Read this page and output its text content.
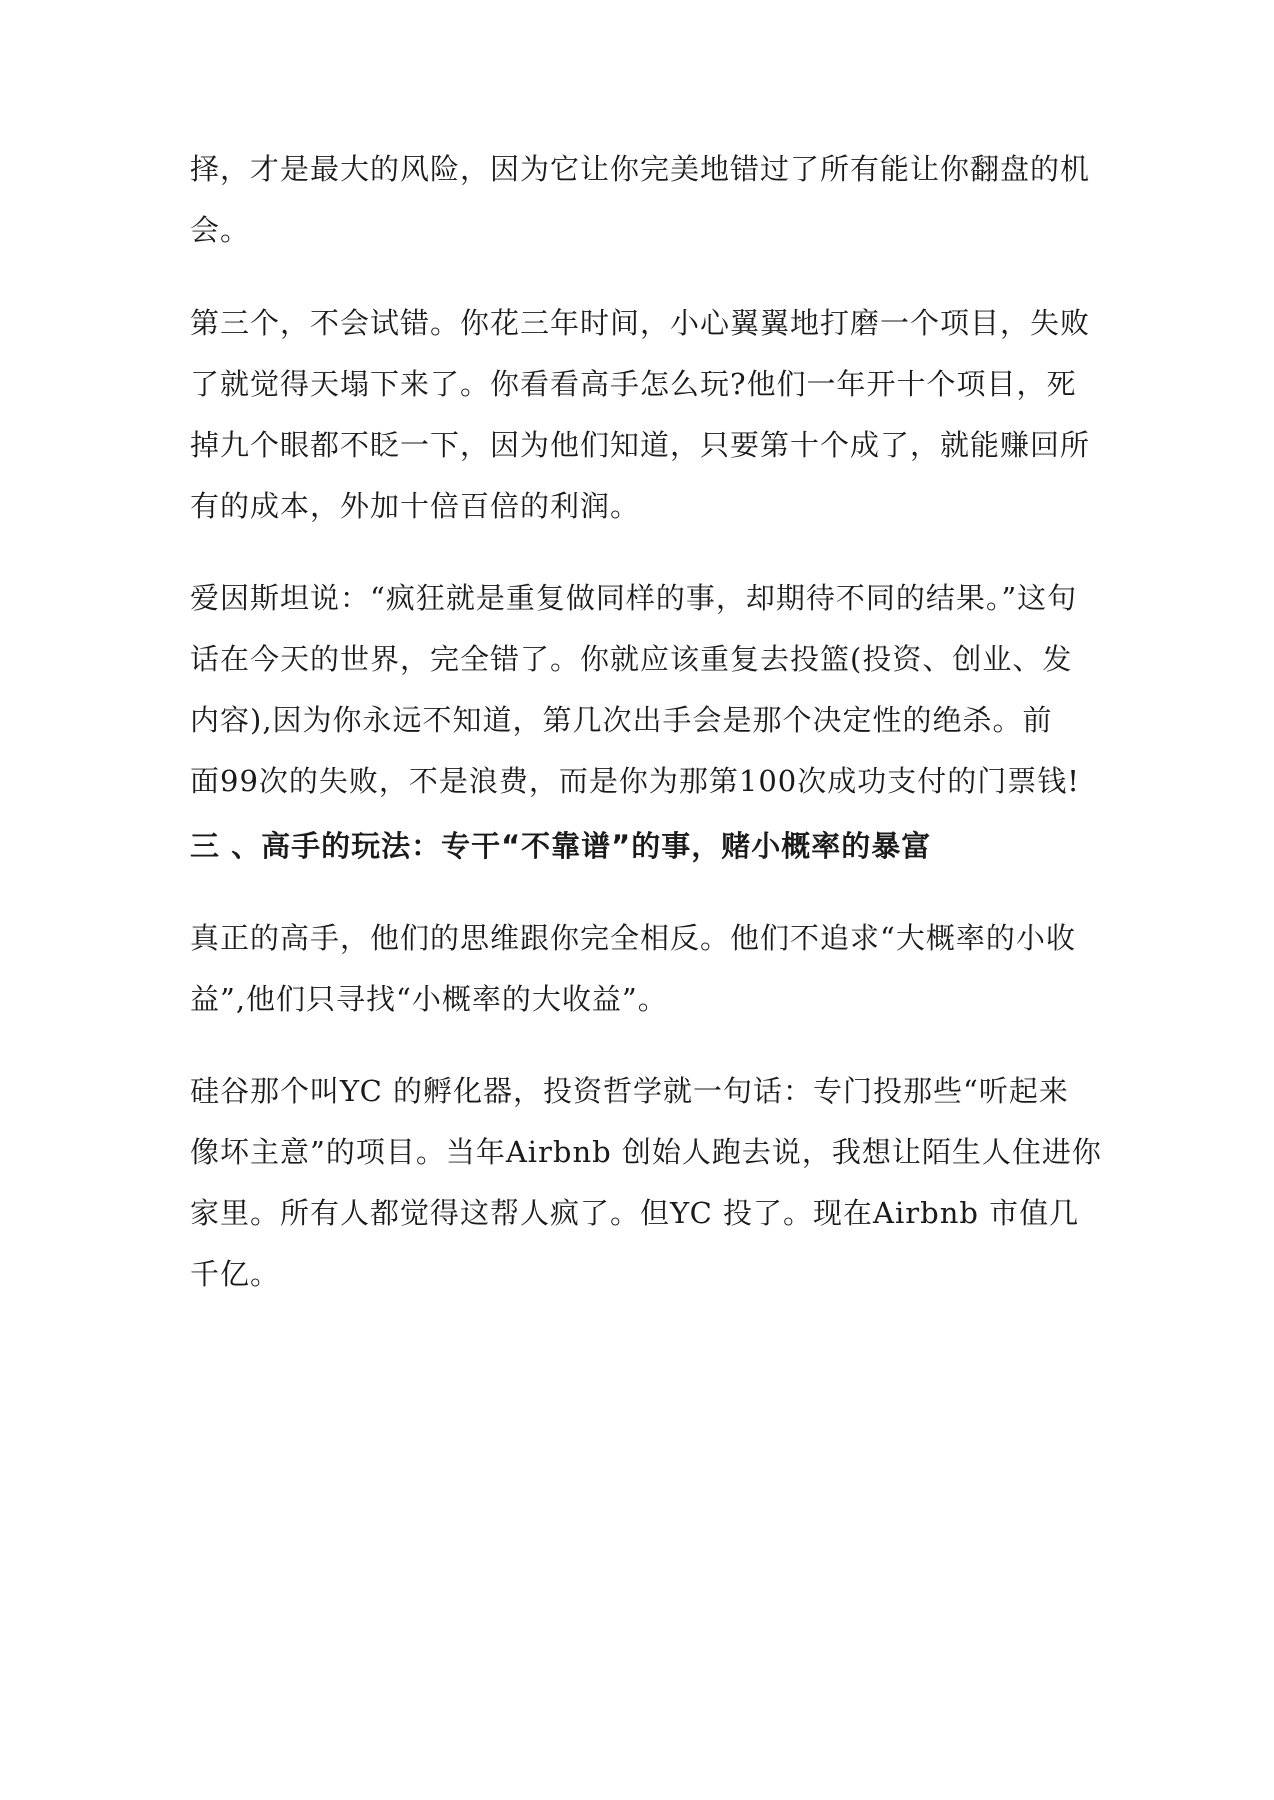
择，才是最大的风险，因为它让你完美地错过了所有能让你翻盘的机
会。
第三个，不会试错。你花三年时间，小心翼翼地打磨一个项目，失败
了就觉得天塌下来了。你看看高手怎么玩?他们一年开十个项目，死
掉九个眼都不眨一下，因为他们知道，只要第十个成了，就能赚回所
有的成本，外加十倍百倍的利润。
爱因斯坦说：“疯狂就是重复做同样的事，却期待不同的结果。”这句
话在今天的世界，完全错了。你就应该重复去投篮(投资、创业、发
内容),因为你永远不知道，第几次出手会是那个决定性的绝杀。前
面99次的失败，不是浪费，而是你为那第100次成功支付的门票钱!
三 、高手的玩法：专干“不靠谱”的事，赌小概率的暴富
真正的高手，他们的思维跟你完全相反。他们不追求“大概率的小收
益”,他们只寻找“小概率的大收益”。
硅谷那个叫YC 的孵化器，投资哲学就一句话：专门投那些“听起来
像坏主意”的项目。当年Airbnb 创始人跑去说，我想让陌生人住进你
家里。所有人都觉得这帮人疯了。但YC 投了。现在Airbnb 市值几
千亿。
